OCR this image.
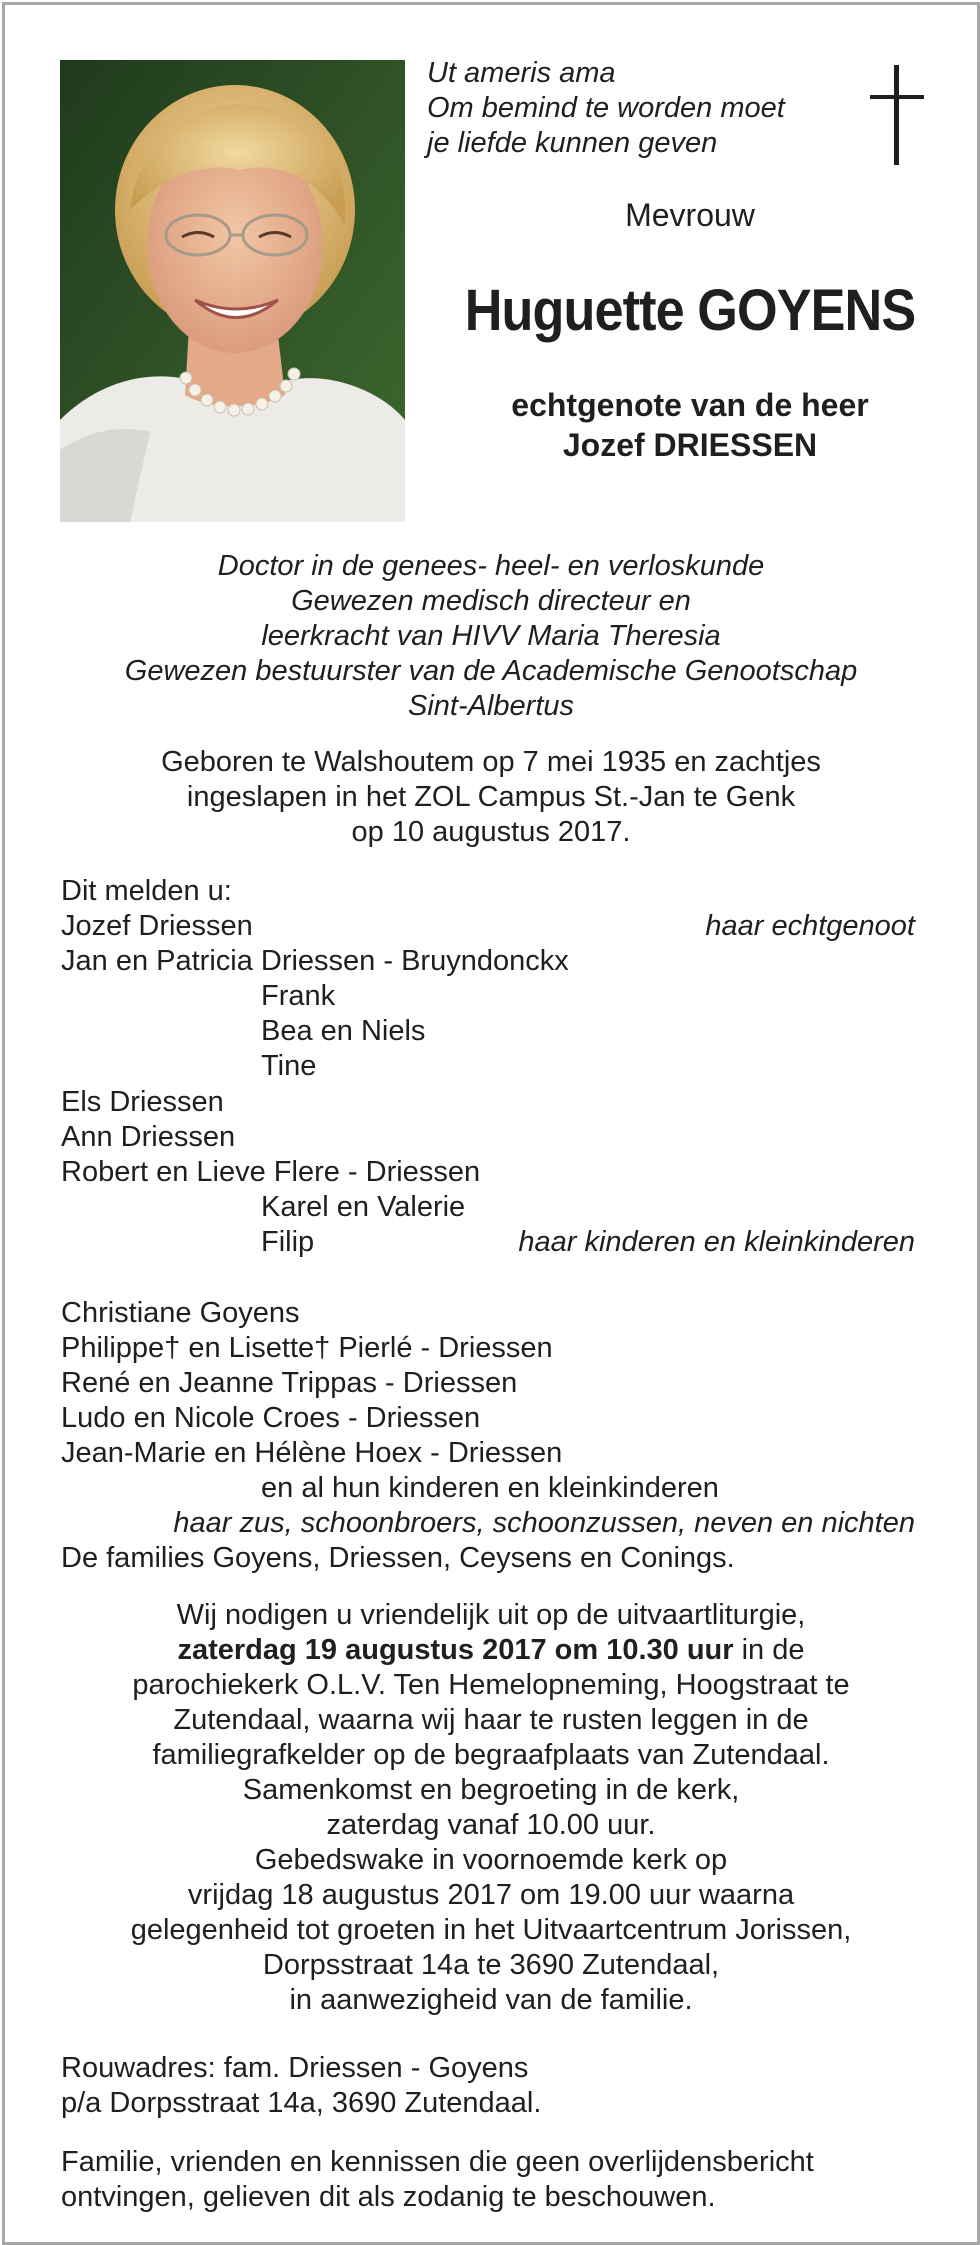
Ut ameris ama
Om bemind te worden moet
je liefde kunnen geven
Mevrouw
Huguette GOYENS
echtgenote van de heer
Jozef DRIESSEN
Doctor in de genees- heel- en verloskunde
Gewezen medisch directeur en
leerkracht van HIVV Maria Theresia
Gewezen bestuurster van de Academische Genootschap
Sint-Albertus
Geboren te Walshoutem op 7 mei 1935 en zachtjes
ingeslapen in het ZOL Campus St.-Jan te Genk
op 10 augustus 2017.
Dit melden u:
Jozef Driessen	haar echtgenoot
Jan en Patricia Driessen - Bruyndonckx
Frank
Bea en Niels
Tine
Els Driessen
Ann Driessen
Robert en Lieve Flere - Driessen
Karel en Valerie
Filip	haar kinderen en kleinkinderen
Christiane Goyens
Philippe† en Lisette† Pierlé - Driessen
René en Jeanne Trippas - Driessen
Ludo en Nicole Croes - Driessen
Jean-Marie en Hélène Hoex - Driessen
en al hun kinderen en kleinkinderen
haar zus, schoonbroers, schoonzussen, neven en nichten
De families Goyens, Driessen, Ceysens en Conings.
Wij nodigen u vriendelijk uit op de uitvaartliturgie,
zaterdag 19 augustus 2017 om 10.30 uur in de
parochiekerk O.L.V. Ten Hemelopneming, Hoogstraat te
Zutendaal, waarna wij haar te rusten leggen in de
familiegrafkelder op de begraafplaats van Zutendaal.
Samenkomst en begroeting in de kerk,
zaterdag vanaf 10.00 uur.
Gebedswake in voornoemde kerk op
vrijdag 18 augustus 2017 om 19.00 uur waarna
gelegenheid tot groeten in het Uitvaartcentrum Jorissen,
Dorpsstraat 14a te 3690 Zutendaal,
in aanwezigheid van de familie.
Rouwadres: fam. Driessen - Goyens
p/a Dorpsstraat 14a, 3690 Zutendaal.
Familie, vrienden en kennissen die geen overlijdensbericht
ontvingen, gelieven dit als zodanig te beschouwen.
